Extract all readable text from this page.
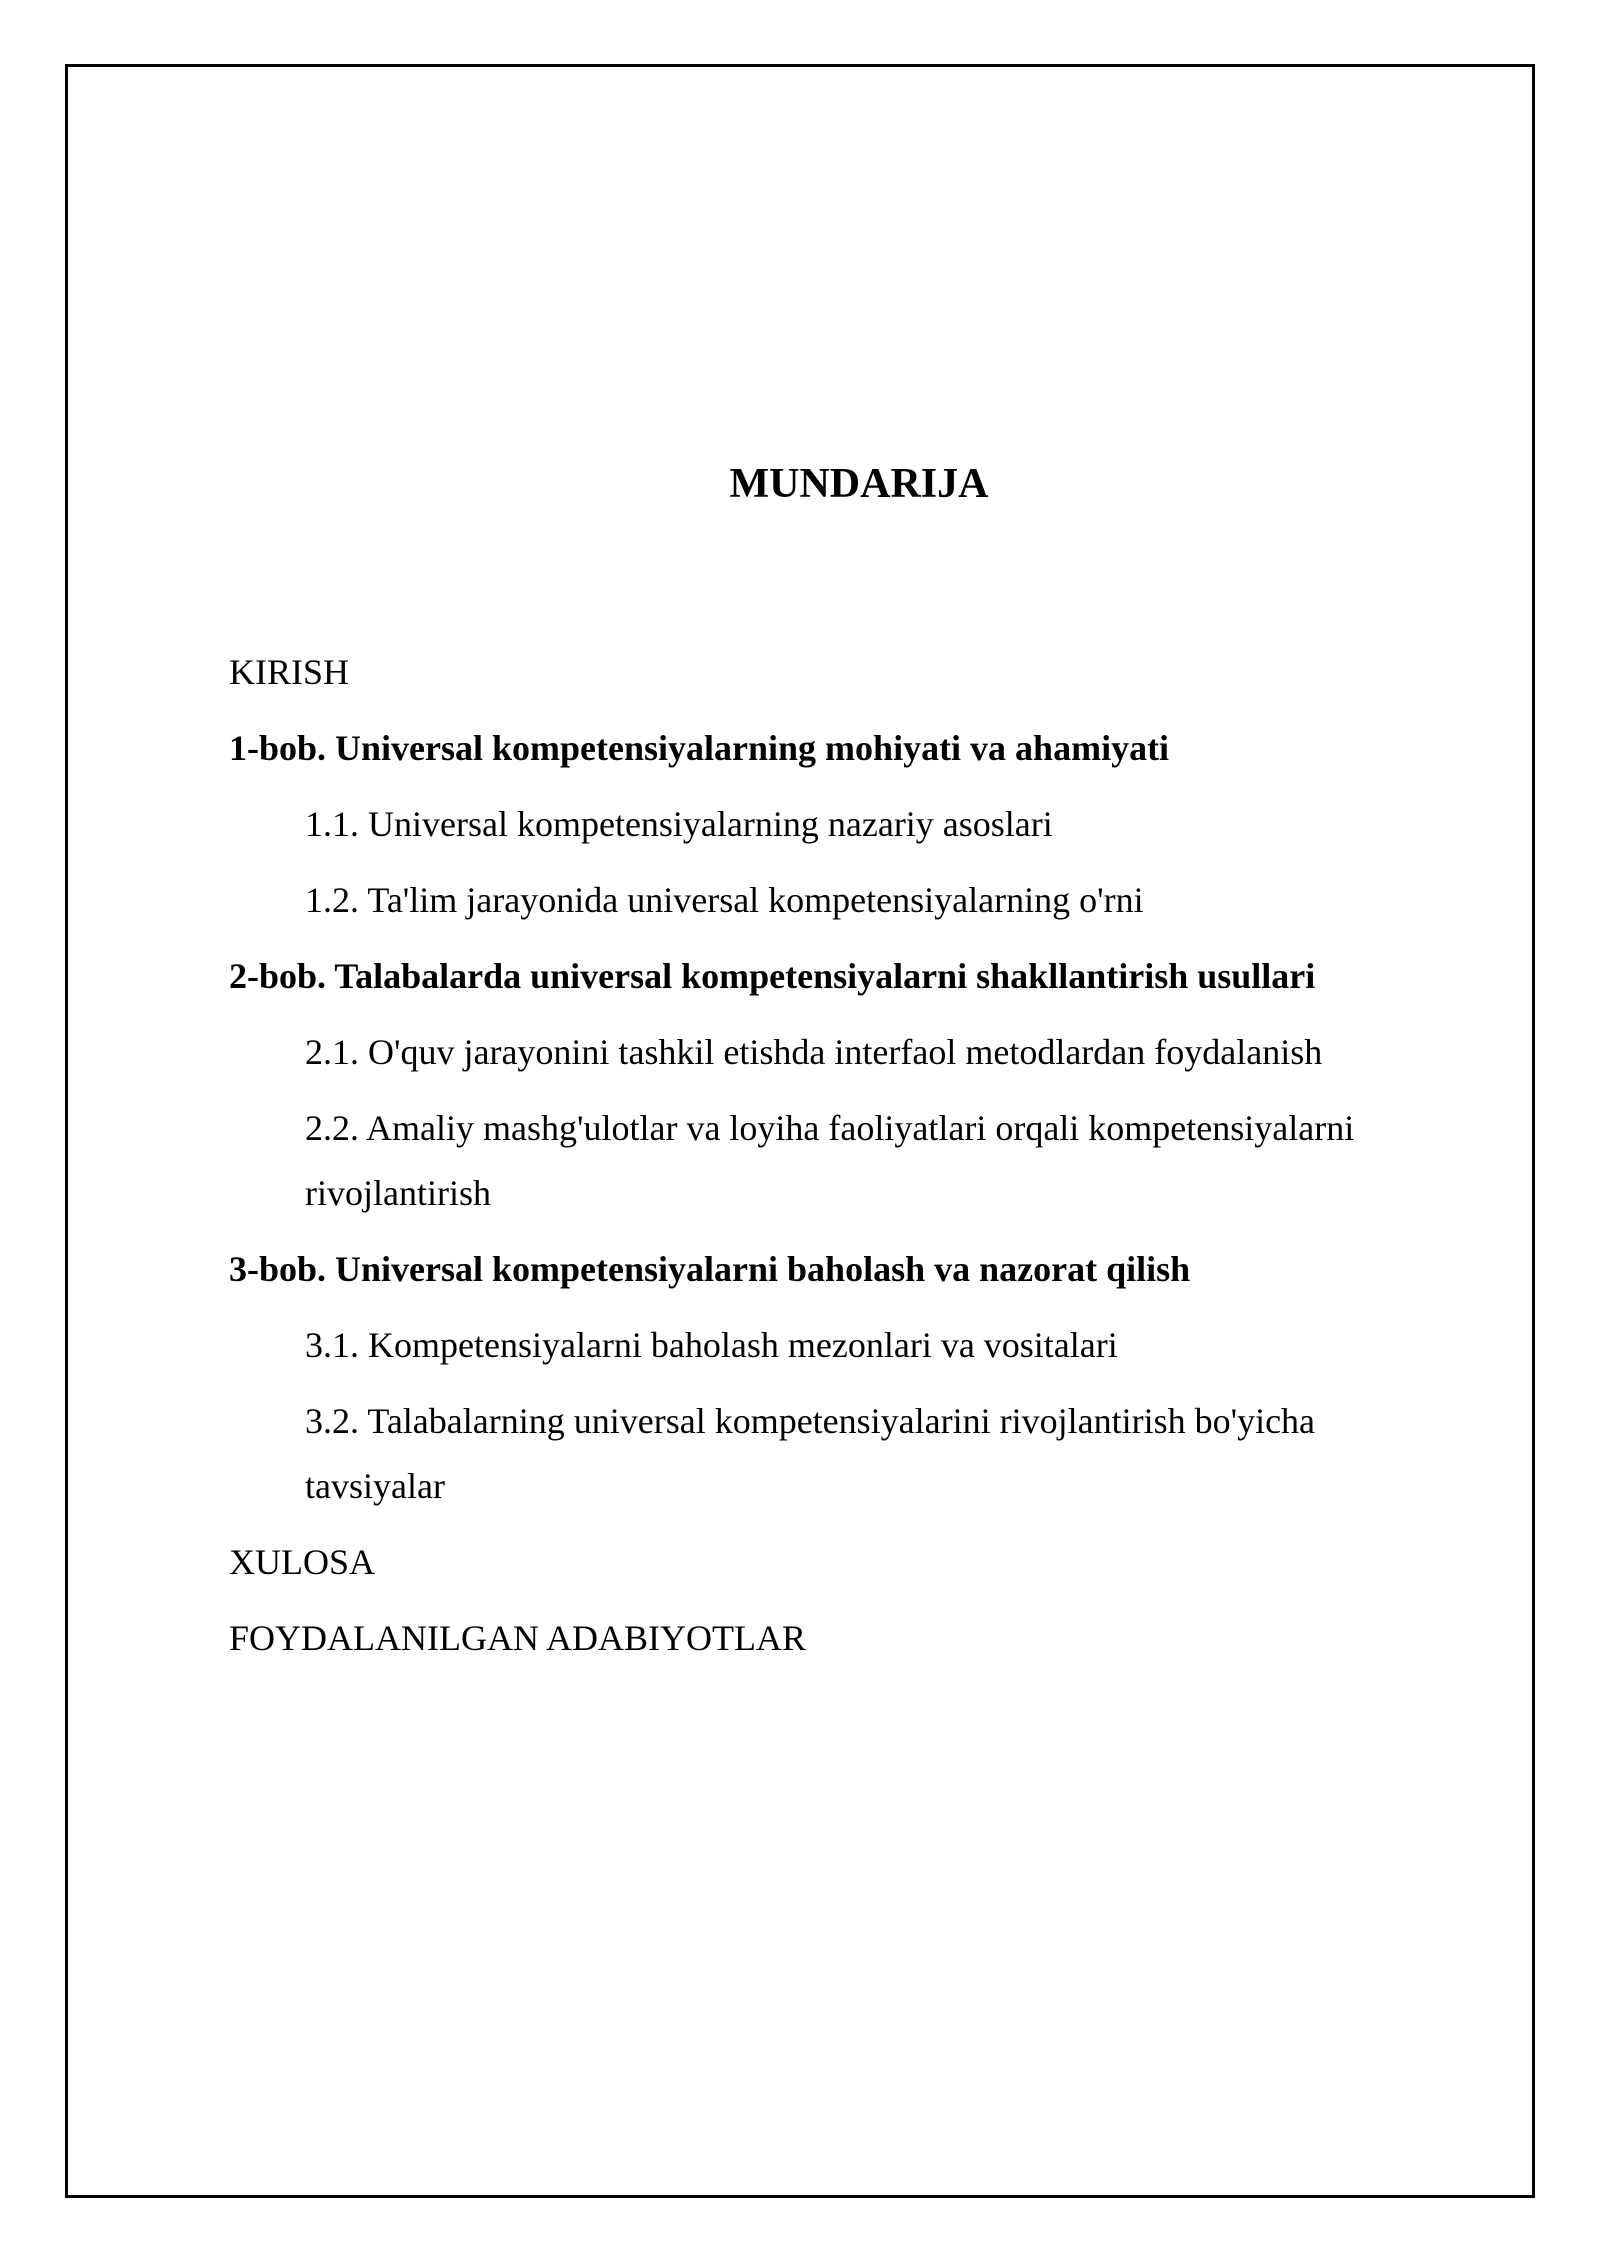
MUNDARIJA
KIRISH
1-bob. Universal kompetensiyalarning mohiyati va ahamiyati
1.1. Universal kompetensiyalarning nazariy asoslari
1.2. Ta'lim jarayonida universal kompetensiyalarning o'rni
2-bob. Talabalarda universal kompetensiyalarni shakllantirish usullari
2.1. O'quv jarayonini tashkil etishda interfaol metodlardan foydalanish
2.2. Amaliy mashg'ulotlar va loyiha faoliyatlari orqali kompetensiyalarni rivojlantirish
3-bob. Universal kompetensiyalarni baholash va nazorat qilish
3.1. Kompetensiyalarni baholash mezonlari va vositalari
3.2. Talabalarning universal kompetensiyalarini rivojlantirish bo'yicha tavsiyalar
XULOSA
FOYDALANILGAN ADABIYOTLAR
